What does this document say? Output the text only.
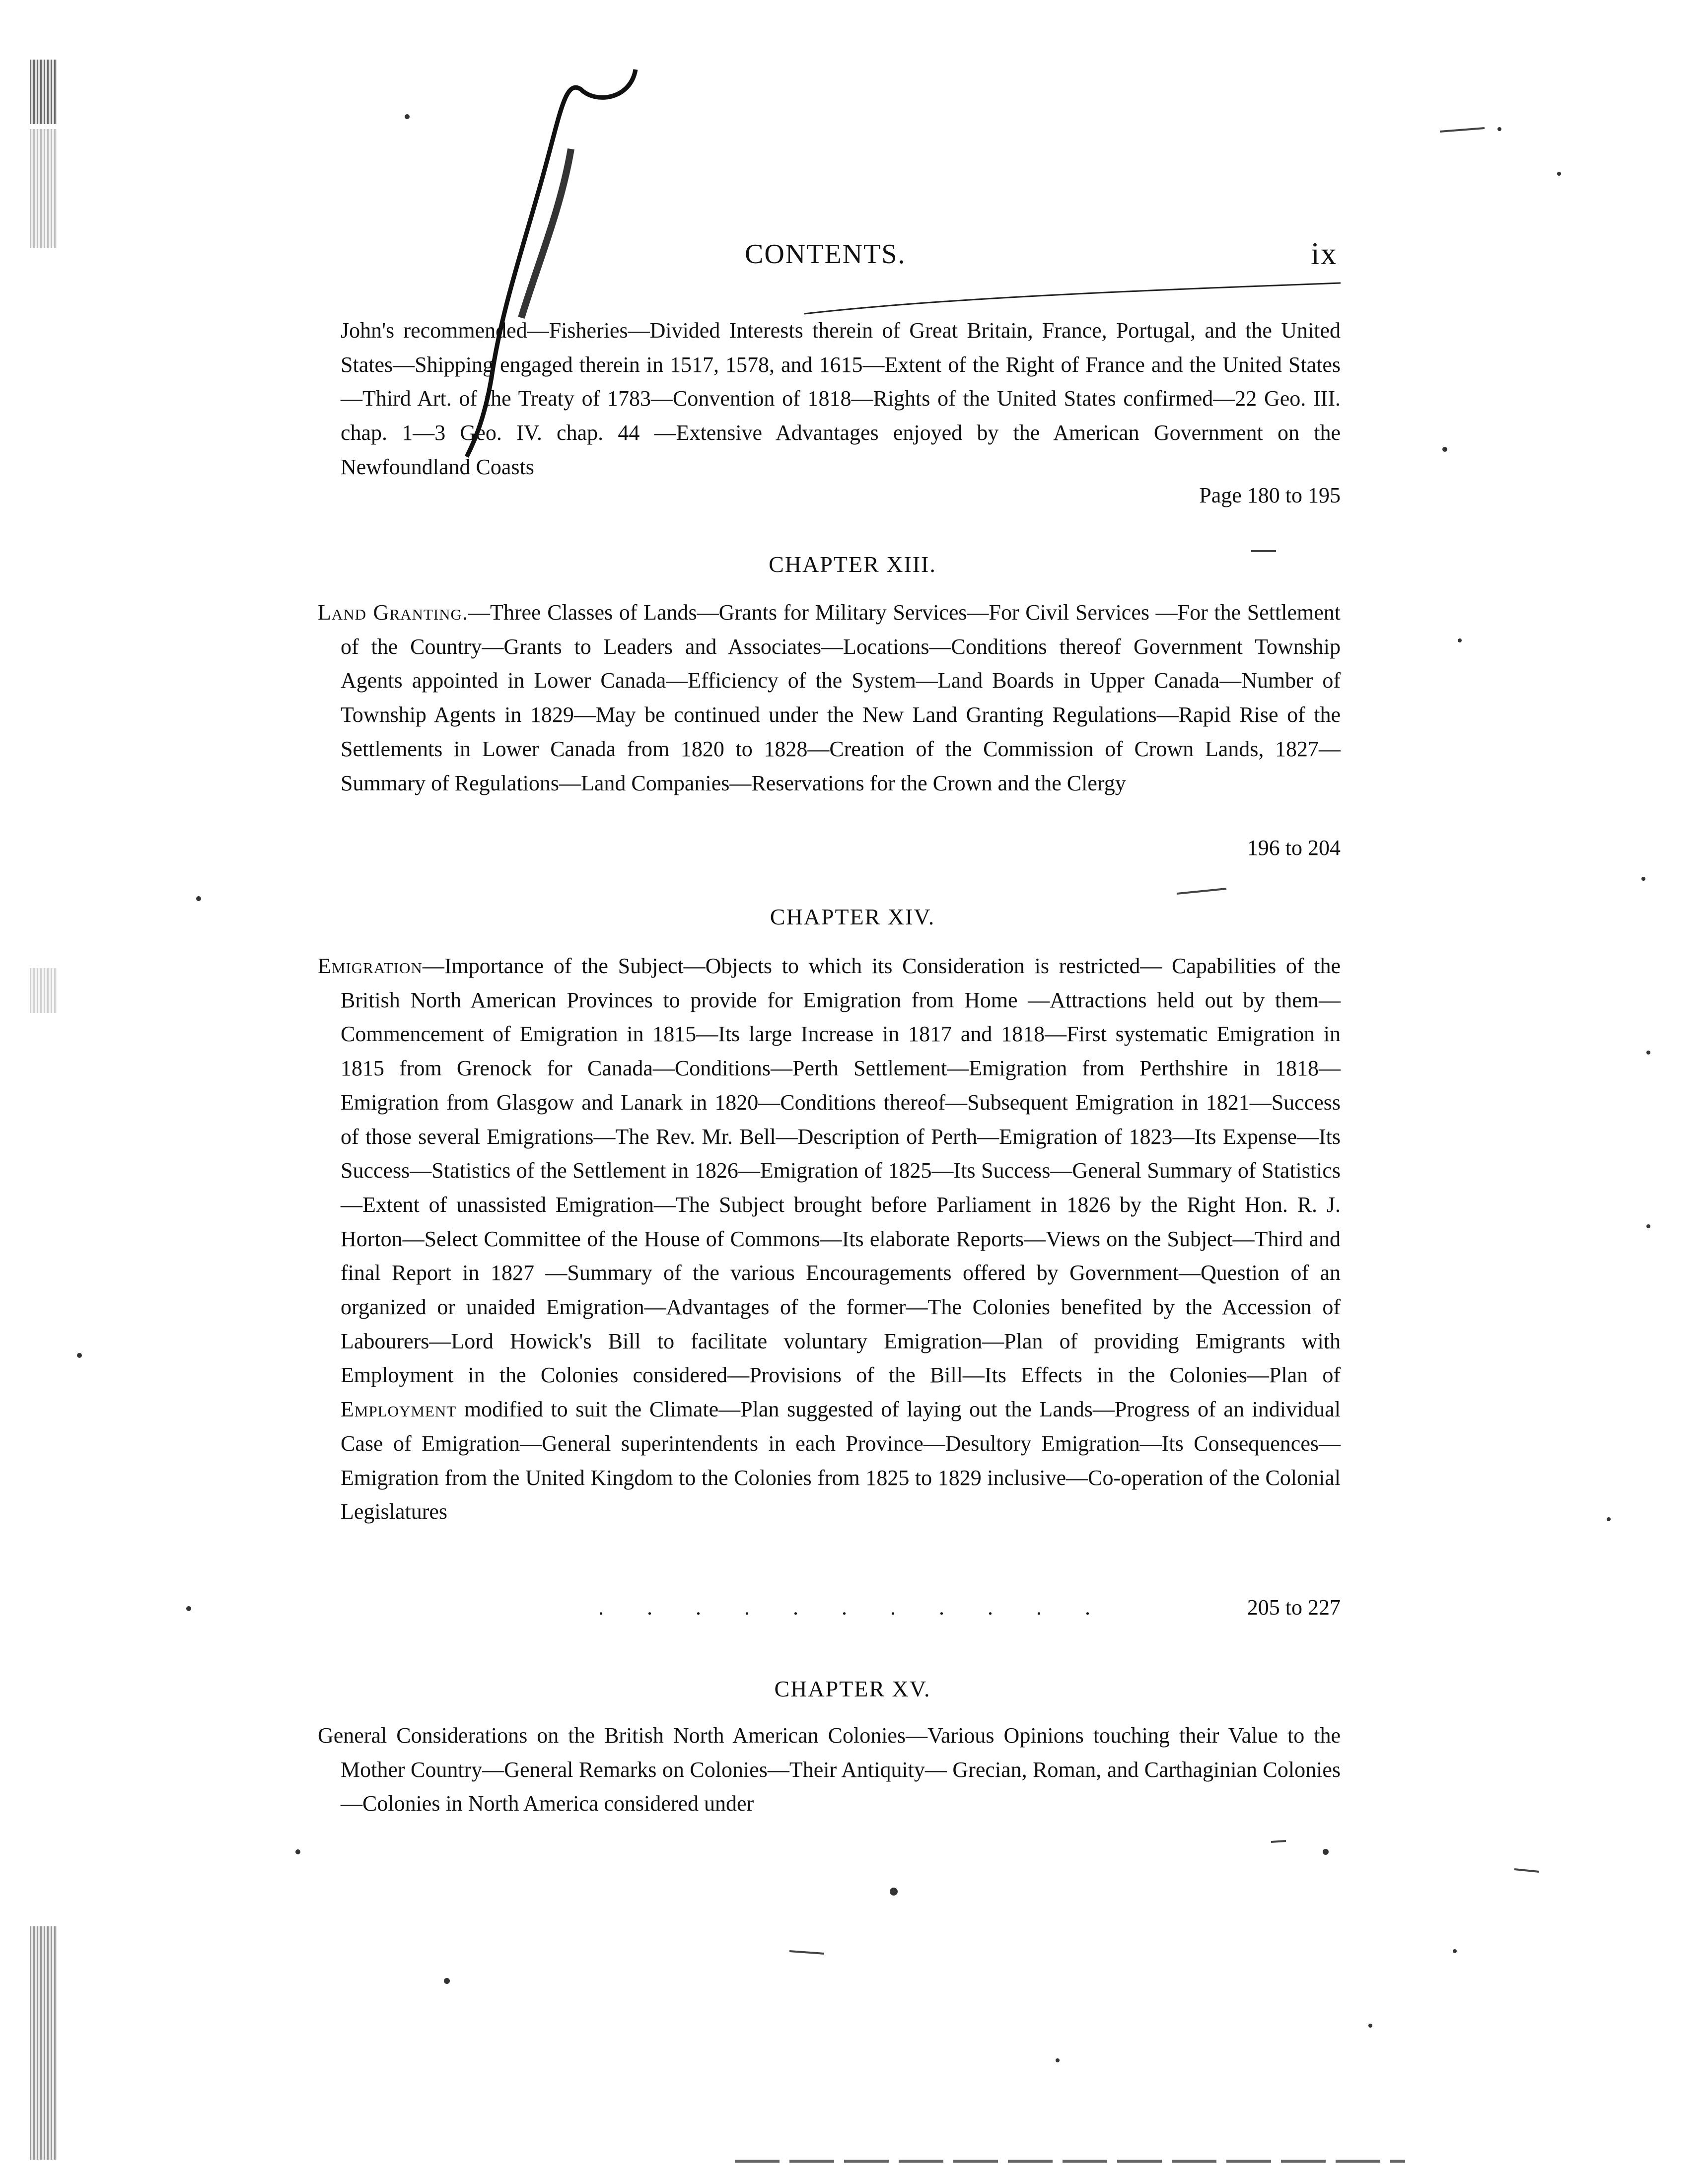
CONTENTS.	ix
John's recommended—Fisheries—Divided Interests therein of Great Britain, France, Portugal, and the United States—Shipping engaged therein in 1517, 1578, and 1615—Extent of the Right of France and the United States—Third Art. of the Treaty of 1783—Convention of 1818—Rights of the United States confirmed—22 Geo. III. chap. 1—3 Geo. IV. chap. 44 —Extensive Advantages enjoyed by the American Government on the Newfoundland Coasts
Page 180 to 195
CHAPTER XIII.
Land Granting.—Three Classes of Lands—Grants for Military Services—For Civil Services —For the Settlement of the Country—Grants to Leaders and Associates—Locations—Conditions thereof Government Township Agents appointed in Lower Canada—Efficiency of the System—Land Boards in Upper Canada—Number of Township Agents in 1829—May be continued under the New Land Granting Regulations—Rapid Rise of the Settlements in Lower Canada from 1820 to 1828—Creation of the Commission of Crown Lands, 1827— Summary of Regulations—Land Companies—Reservations for the Crown and the Clergy
196 to 204
CHAPTER XIV.
Emigration—Importance of the Subject—Objects to which its Consideration is restricted— Capabilities of the British North American Provinces to provide for Emigration from Home —Attractions held out by them—Commencement of Emigration in 1815—Its large Increase in 1817 and 1818—First systematic Emigration in 1815 from Grenock for Canada—Conditions—Perth Settlement—Emigration from Perthshire in 1818—Emigration from Glasgow and Lanark in 1820—Conditions thereof—Subsequent Emigration in 1821—Success of those several Emigrations—The Rev. Mr. Bell—Description of Perth—Emigration of 1823—Its Expense—Its Success—Statistics of the Settlement in 1826—Emigration of 1825—Its Success—General Summary of Statistics—Extent of unassisted Emigration—The Subject brought before Parliament in 1826 by the Right Hon. R. J. Horton—Select Committee of the House of Commons—Its elaborate Reports—Views on the Subject—Third and final Report in 1827 —Summary of the various Encouragements offered by Government—Question of an organized or unaided Emigration—Advantages of the former—The Colonies benefited by the Accession of Labourers—Lord Howick's Bill to facilitate voluntary Emigration—Plan of providing Emigrants with Employment in the Colonies considered—Provisions of the Bill—Its Effects in the Colonies—Plan of Employment modified to suit the Climate—Plan suggested of laying out the Lands—Progress of an individual Case of Emigration—General superintendents in each Province—Desultory Emigration—Its Consequences—Emigration from the United Kingdom to the Colonies from 1825 to 1829 inclusive—Co-operation of the Colonial Legislatures
. . . . . . . . . . .	205 to 227
CHAPTER XV.
General Considerations on the British North American Colonies—Various Opinions touching their Value to the Mother Country—General Remarks on Colonies—Their Antiquity— Grecian, Roman, and Carthaginian Colonies—Colonies in North America considered under
